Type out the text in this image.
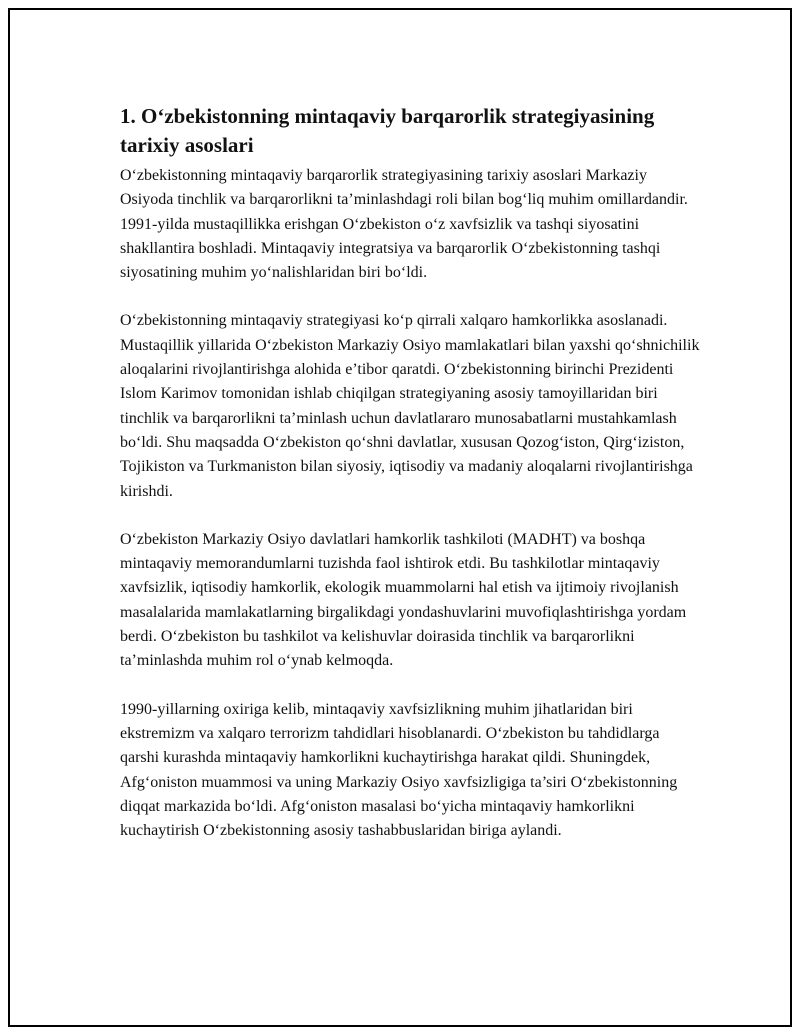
1. O‘zbekistonning mintaqaviy barqarorlik strategiyasining tarixiy asoslari

O‘zbekistonning mintaqaviy barqarorlik strategiyasining tarixiy asoslari Markaziy Osiyoda tinchlik va barqarorlikni ta’minlashdagi roli bilan bog‘liq muhim omillardandir. 1991-yilda mustaqillikka erishgan O‘zbekiston o‘z xavfsizlik va tashqi siyosatini shakllantira boshladi. Mintaqaviy integratsiya va barqarorlik O‘zbekistonning tashqi siyosatining muhim yo‘nalishlaridan biri bo‘ldi.

O‘zbekistonning mintaqaviy strategiyasi ko‘p qirrali xalqaro hamkorlikka asoslanadi. Mustaqillik yillarida O‘zbekiston Markaziy Osiyo mamlakatlari bilan yaxshi qo‘shnichilik aloqalarini rivojlantirishga alohida e’tibor qaratdi. O‘zbekistonning birinchi Prezidenti Islom Karimov tomonidan ishlab chiqilgan strategiyaning asosiy tamoyillaridan biri tinchlik va barqarorlikni ta’minlash uchun davlatlararo munosabatlarni mustahkamlash bo‘ldi. Shu maqsadda O‘zbekiston qo‘shni davlatlar, xususan Qozog‘iston, Qirg‘iziston, Tojikiston va Turkmaniston bilan siyosiy, iqtisodiy va madaniy aloqalarni rivojlantirishga kirishdi.

O‘zbekiston Markaziy Osiyo davlatlari hamkorlik tashkiloti (MADHT) va boshqa mintaqaviy memorandumlarni tuzishda faol ishtirok etdi. Bu tashkilotlar mintaqaviy xavfsizlik, iqtisodiy hamkorlik, ekologik muammolarni hal etish va ijtimoiy rivojlanish masalalarida mamlakatlarning birgalikdagi yondashuvlarini muvofiqlashtirishga yordam berdi. O‘zbekiston bu tashkilot va kelishuvlar doirasida tinchlik va barqarorlikni ta’minlashda muhim rol o‘ynab kelmoqda.

1990-yillarning oxiriga kelib, mintaqaviy xavfsizlikning muhim jihatlaridan biri ekstremizm va xalqaro terrorizm tahdidlari hisoblanardi. O‘zbekiston bu tahdidlarga qarshi kurashda mintaqaviy hamkorlikni kuchaytirishga harakat qildi. Shuningdek, Afg‘oniston muammosi va uning Markaziy Osiyo xavfsizligiga ta’siri O‘zbekistonning diqqat markazida bo‘ldi. Afg‘oniston masalasi bo‘yicha mintaqaviy hamkorlikni kuchaytirish O‘zbekistonning asosiy tashabbuslaridan biriga aylandi.
